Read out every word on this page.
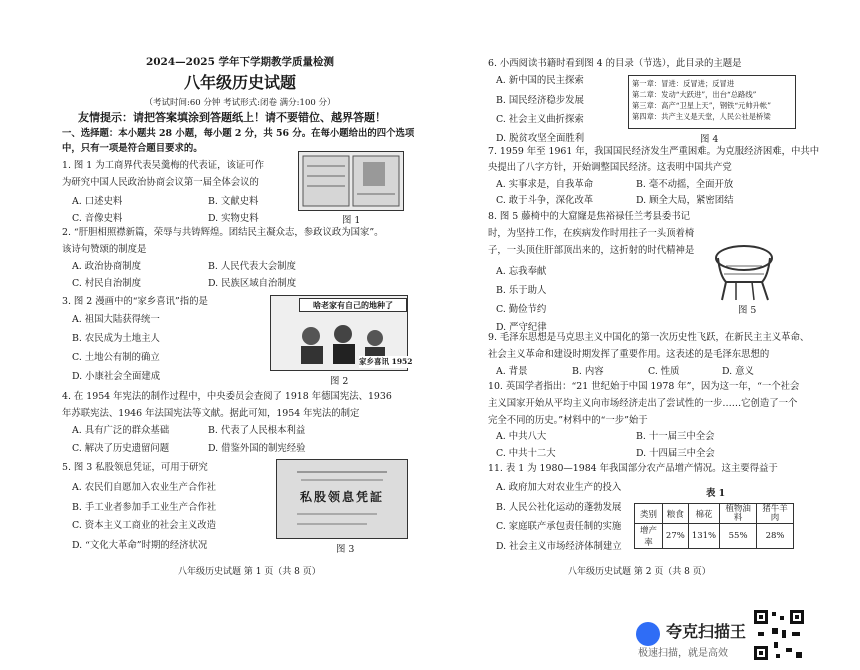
2024—2025 学年下学期教学质量检测
八年级历史试题
（考试时间:60 分钟 考试形式:闭卷 满分:100 分）
友情提示：请把答案填涂到答题纸上！请不要错位、越界答题！
一、选择题：本小题共 28 小题，每小题 2 分，共 56 分。在每小题给出的四个选项
中，只有一项是符合题目要求的。
1. 图 1 为工商界代表吴羹梅的代表证，该证可作
为研究中国人民政治协商会议第一届全体会议的
A. 口述史料	B. 文献史料
C. 音像史料	D. 实物史料	图 1
2. “肝胆相照襟新篇，荣辱与共铸辉煌。团结民主凝众志，参政议政为国家”。
该诗句赞颂的制度是
A. 政治协商制度	B. 人民代表大会制度
C. 村民自治制度	D. 民族区域自治制度
3. 图 2 漫画中的“家乡喜讯”指的是
A. 祖国大陆获得统一
B. 农民成为土地主人
C. 土地公有制的确立
D. 小康社会全面建成
啥老家有自己的地种了
家乡喜讯 1952
图 2
4. 在 1954 年宪法的制作过程中，中央委员会查阅了 1918 年德国宪法、1936
年苏联宪法、1946 年法国宪法等文献。据此可知，1954 年宪法的制定
A. 具有广泛的群众基础	B. 代表了人民根本利益
C. 解决了历史遗留问题	D. 借鉴外国的制宪经验
5. 图 3 私股领息凭证，可用于研究
A. 农民们自愿加入农业生产合作社
B. 手工业者参加手工业生产合作社
C. 资本主义工商业的社会主义改造
D. “文化大革命”时期的经济状况
私股领息凭証
图 3
八年级历史试题 第 1 页（共 8 页）
6. 小西阅读书籍时看到图 4 的目录（节选），此目录的主题是
A. 新中国的民主探索
B. 国民经济稳步发展
C. 社会主义曲折探索
D. 脱贫攻坚全面胜利
第一章：冒进：反冒进；反冒进
第二章：发动“大跃进”，出台“总路线”
第三章：高产“卫星上天”，钢铁“元帅升帐”
第四章：共产主义是天堂，人民公社是桥梁
图 4
7. 1959 年至 1961 年，我国国民经济发生严重困难。为克服经济困难，中共中
央提出了八字方针，开始调整国民经济。这表明中国共产党
A. 实事求是，自我革命	B. 毫不动摇，全面开放
C. 敢于斗争，深化改革	D. 顾全大局，紧密团结
8. 图 5 藤椅中的大窟窿是焦裕禄任兰考县委书记
时，为坚持工作，在疾病发作时用拄子一头顶着椅
子，一头顶住肝部顶出来的，这折射的时代精神是
A. 忘我奉献
B. 乐于助人
C. 勤俭节约
D. 严守纪律
图 5
9. 毛泽东思想是马克思主义中国化的第一次历史性飞跃，在新民主主义革命、
社会主义革命和建设时期发挥了重要作用。这表述的是毛泽东思想的
A. 背景	B. 内容	C. 性质	D. 意义
10. 英国学者指出：“21 世纪始于中国 1978 年”，因为这一年，“一个社会
主义国家开始从平均主义向市场经济走出了尝试性的一步……它创造了一个
完全不同的历史。”材料中的“一步”始于
A. 中共八大	B. 十一届三中全会
C. 中共十二大	D. 十四届三中全会
11. 表 1 为 1980—1984 年我国部分农产品增产情况。这主要得益于
A. 政府加大对农业生产的投入
B. 人民公社化运动的蓬勃发展
C. 家庭联产承包责任制的实施
D. 社会主义市场经济体制建立
表 1
类别	粮食	棉花	植物油料	猪牛羊肉
增产率	27%	131%	55%	28%
八年级历史试题 第 2 页（共 8 页）
夸克扫描王
极速扫描，就是高效
